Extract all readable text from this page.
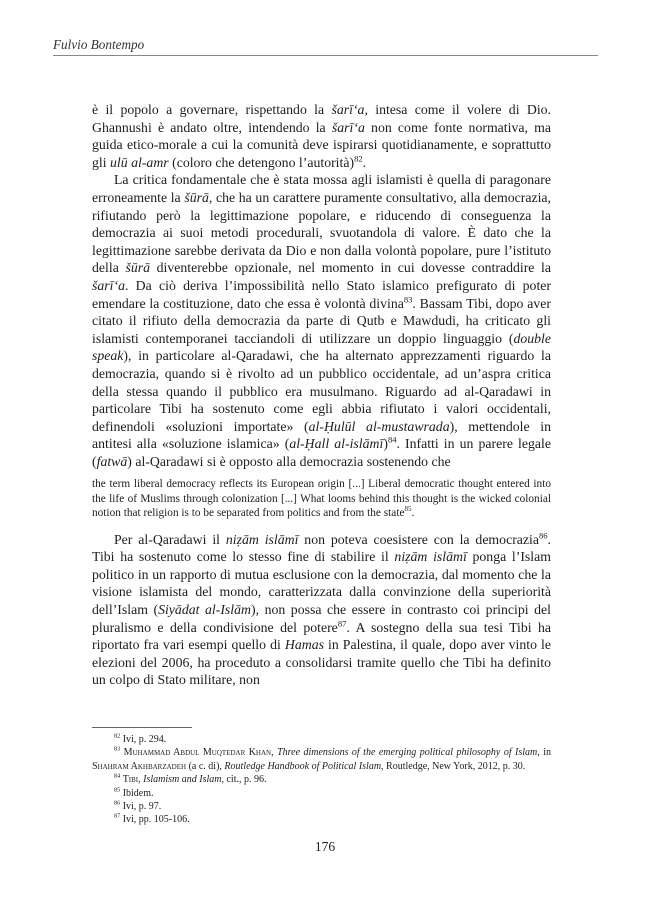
Fulvio Bontempo

è il popolo a governare, rispettando la šarīʻa, intesa come il volere di Dio. Ghannushi è andato oltre, intendendo la šarīʻa non come fonte normativa, ma guida etico-morale a cui la comunità deve ispirarsi quotidianamente, e soprattutto gli ulū al-amr (coloro che detengono l’autorità)$^{82}$.

La critica fondamentale che è stata mossa agli islamisti è quella di paragonare erroneamente la šūrā, che ha un carattere puramente consultativo, alla democrazia, rifiutando però la legittimazione popolare, e riducendo di conseguenza la democrazia ai suoi metodi procedurali, svuotandola di valore. È dato che la legittimazione sarebbe derivata da Dio e non dalla volontà popolare, pure l’istituto della šūrā diventerebbe opzionale, nel momento in cui dovesse contraddire la šarīʻa. Da ciò deriva l’impossibilità nello Stato islamico prefigurato di poter emendare la costituzione, dato che essa è volontà divina$^{83}$. Bassam Tibi, dopo aver citato il rifiuto della democrazia da parte di Qutb e Mawdudi, ha criticato gli islamisti contemporanei tacciandoli di utilizzare un doppio linguaggio (double speak), in particolare al-Qaradawi, che ha alternato apprezzamenti riguardo la democrazia, quando si è rivolto ad un pubblico occidentale, ad un’aspra critica della stessa quando il pubblico era musulmano. Riguardo ad al-Qaradawi in particolare Tibi ha sostenuto come egli abbia rifiutato i valori occidentali, definendoli «soluzioni importate» (al-Ḥulūl al-mustawrada), mettendole in antitesi alla «soluzione islamica» (al-Ḥall al-islāmī)$^{84}$. Infatti in un parere legale (fatwā) al-Qaradawi si è opposto alla democrazia sostenendo che

the term liberal democracy reflects its European origin [...] Liberal democratic thought entered into the life of Muslims through colonization [...] What looms behind this thought is the wicked colonial notion that religion is to be separated from politics and from the state$^{85}$.

Per al-Qaradawi il niẓām islāmī non poteva coesistere con la democrazia$^{86}$. Tibi ha sostenuto come lo stesso fine di stabilire il niẓām islāmī ponga l’Islam politico in un rapporto di mutua esclusione con la democrazia, dal momento che la visione islamista del mondo, caratterizzata dalla convinzione della superiorità dell’Islam (Siyādat al-Islām), non possa che essere in contrasto coi principi del pluralismo e della condivisione del potere$^{87}$. A sostegno della sua tesi Tibi ha riportato fra vari esempi quello di Hamas in Palestina, il quale, dopo aver vinto le elezioni del 2006, ha proceduto a consolidarsi tramite quello che Tibi ha definito un colpo di Stato militare, non

$^{82}$ Ivi, p. 294.
$^{83}$ Muhammad Abdul Muqtedar Khan, Three dimensions of the emerging political philosophy of Islam, in Shahram Akhbarzadeh (a c. di), Routledge Handbook of Political Islam, Routledge, New York, 2012, p. 30.
$^{84}$ Tibi, Islamism and Islam, cit., p. 96.
$^{85}$ Ibidem.
$^{86}$ Ivi, p. 97.
$^{87}$ Ivi, pp. 105-106.
176
